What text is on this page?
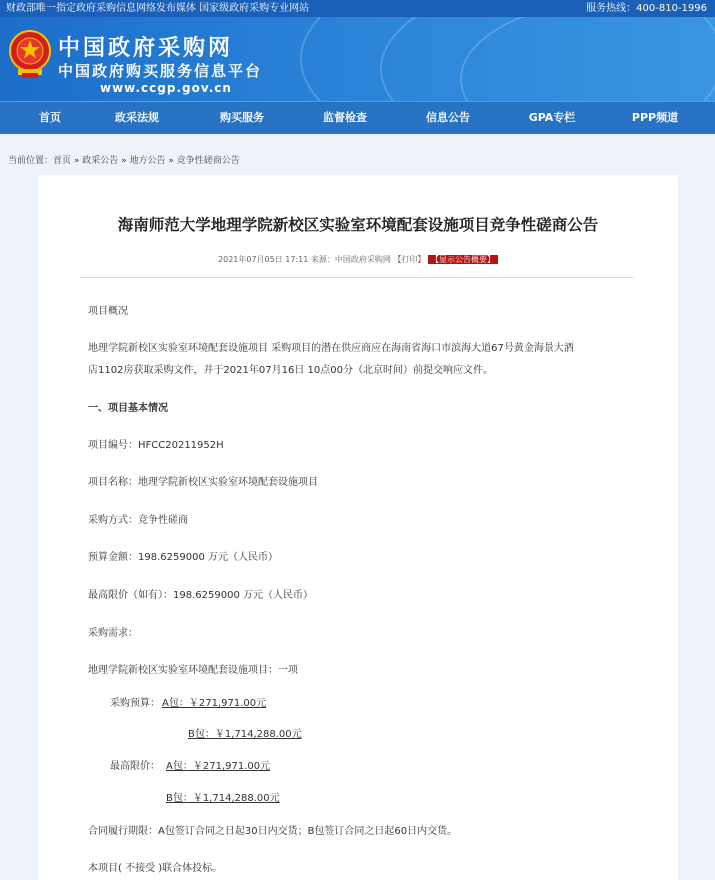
财政部唯一指定政府采购信息网络发布媒体 国家级政府采购专业网站	服务热线：400-810-1996
中国政府采购网
中国政府购买服务信息平台
www.ccgp.gov.cn
首页	政采法规	购买服务	监督检查	信息公告	GPA专栏	PPP频道
当前位置：首页 » 政采公告 » 地方公告 » 竞争性磋商公告
海南师范大学地理学院新校区实验室环境配套设施项目竞争性磋商公告
2021年07月05日 17:11 来源：中国政府采购网 【打印】 【显示公告概要】
项目概况
地理学院新校区实验室环境配套设施项目 采购项目的潜在供应商应在海南省海口市滨海大道67号黄金海景大酒
店1102房获取采购文件，并于2021年07月16日 10点00分（北京时间）前提交响应文件。
一、项目基本情况
项目编号：HFCC20211952H
项目名称：地理学院新校区实验室环境配套设施项目
采购方式：竞争性磋商
预算金额：198.6259000 万元（人民币）
最高限价（如有）：198.6259000 万元（人民币）
采购需求：
地理学院新校区实验室环境配套设施项目：一项
采购预算： A包：￥271,971.00元
B包：￥1,714,288.00元
最高限价： A包：￥271,971.00元
B包：￥1,714,288.00元
合同履行期限：A包签订合同之日起30日内交货；B包签订合同之日起60日内交货。
本项目( 不接受 )联合体投标。
